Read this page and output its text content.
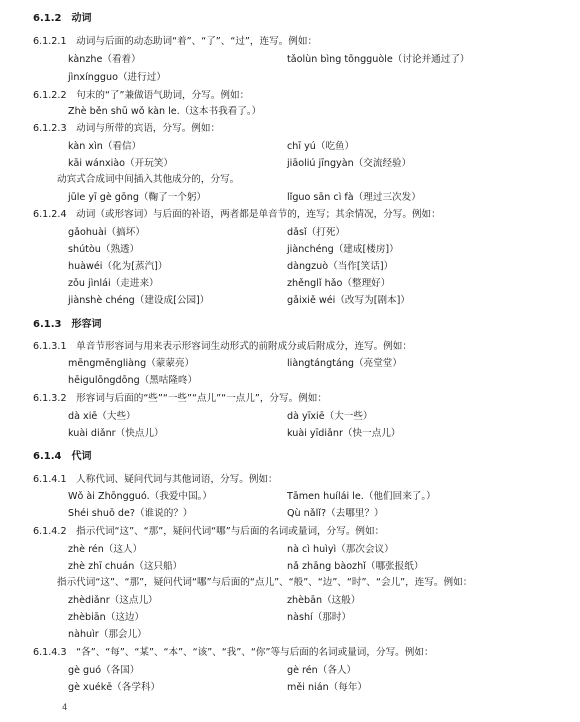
6.1.2　动词
6.1.2.1　动词与后面的动态助词“着”、“了”、“过”，连写。例如：
kànzhe（看着）	tǎolùn bìng tōngguòle（讨论并通过了）
jìnxíngguo（进行过）
6.1.2.2　句末的“了”兼做语气助词，分写。例如：
Zhè běn shū wǒ kàn le.（这本书我看了。）
6.1.2.3　动词与所带的宾语，分写。例如：
kàn xìn（看信）	chī yú（吃鱼）
kāi wánxiào（开玩笑）	jiāoliú jīngyàn（交流经验）
动宾式合成词中间插入其他成分的，分写。
jūle yī gè gōng（鞠了一个躬）	lǐguo sān cì fà（理过三次发）
6.1.2.4　动词（或形容词）与后面的补语，两者都是单音节的，连写；其余情况，分写。例如：
gǎohuài（搞坏）	dǎsǐ（打死）
shútòu（熟透）	jiànchéng（建成[楼房]）
huàwéi（化为[蒸汽]）	dàngzuò（当作[笑话]）
zǒu jìnlái（走进来）	zhěnglǐ hǎo（整理好）
jiànshè chéng（建设成[公园]）	gǎixiě wéi（改写为[剧本]）
6.1.3　形容词
6.1.3.1　单音节形容词与用来表示形容词生动形式的前附成分或后附成分，连写。例如：
mēngmēngliàng（蒙蒙亮）	liàngtángtáng（亮堂堂）
hēigulōngdōng（黑咕隆咚）
6.1.3.2　形容词与后面的“些”“一些”“点儿”“一点儿”，分写。例如：
dà xiē（大些）	dà yīxiē（大一些）
kuài diǎnr（快点儿）	kuài yīdiǎnr（快一点儿）
6.1.4　代词
6.1.4.1　人称代词、疑问代词与其他词语，分写。例如：
Wǒ ài Zhōngguó.（我爱中国。）	Tāmen huílái le.（他们回来了。）
Shéi shuō de?（谁说的？）	Qù nǎlǐ?（去哪里？）
6.1.4.2　指示代词“这”、“那”，疑问代词“哪”与后面的名词或量词，分写。例如：
zhè rén（这人）	nà cì huìyì（那次会议）
zhè zhī chuán（这只船）	nǎ zhāng bàozhǐ（哪张报纸）
指示代词“这”、“那”，疑问代词“哪”与后面的“点儿”、“般”、“边”、“时”、“会儿”，连写。例如：
zhèdiǎnr（这点儿）	zhèbān（这般）
zhèbiān（这边）	nàshí（那时）
nàhuìr（那会儿）
6.1.4.3　“各”、“每”、“某”、“本”、“该”、“我”、“你”等与后面的名词或量词，分写。例如：
gè guó（各国）	gè rén（各人）
gè xuékē（各学科）	měi nián（每年）
4
